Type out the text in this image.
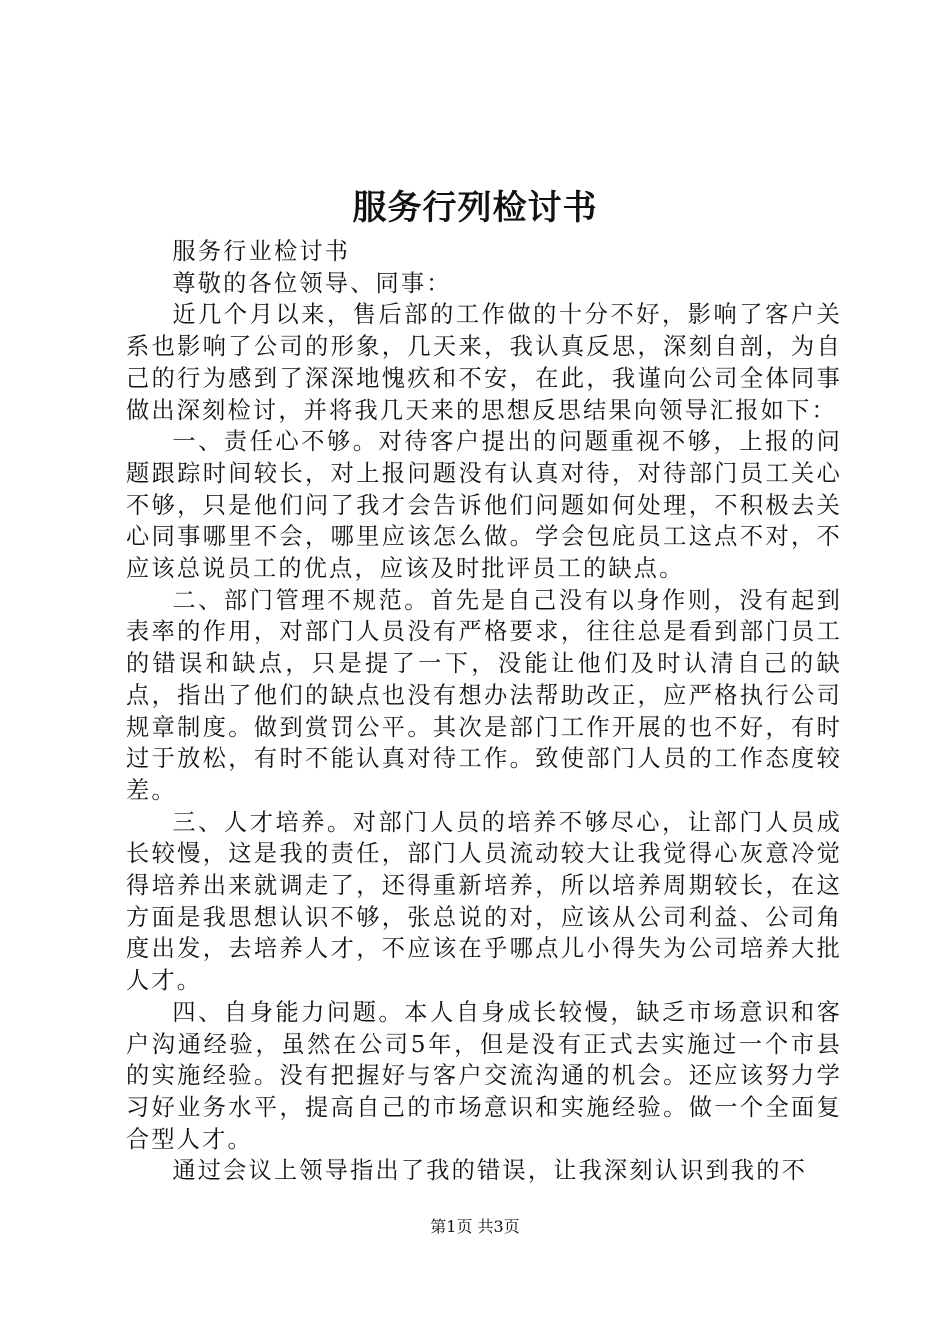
服务行列检讨书

服务行业检讨书

尊敬的各位领导、同事：

近几个月以来，售后部的工作做的十分不好，影响了客户关系也影响了公司的形象，几天来，我认真反思，深刻自剖，为自己的行为感到了深深地愧疚和不安，在此，我谨向公司全体同事做出深刻检讨，并将我几天来的思想反思结果向领导汇报如下：

一、责任心不够。对待客户提出的问题重视不够，上报的问题跟踪时间较长，对上报问题没有认真对待，对待部门员工关心不够，只是他们问了我才会告诉他们问题如何处理，不积极去关心同事哪里不会，哪里应该怎么做。学会包庇员工这点不对，不应该总说员工的优点，应该及时批评员工的缺点。

二、部门管理不规范。首先是自己没有以身作则，没有起到表率的作用，对部门人员没有严格要求，往往总是看到部门员工的错误和缺点，只是提了一下，没能让他们及时认清自己的缺点，指出了他们的缺点也没有想办法帮助改正，应严格执行公司规章制度。做到赏罚公平。其次是部门工作开展的也不好，有时过于放松，有时不能认真对待工作。致使部门人员的工作态度较差。

三、人才培养。对部门人员的培养不够尽心，让部门人员成长较慢，这是我的责任，部门人员流动较大让我觉得心灰意冷觉得培养出来就调走了，还得重新培养，所以培养周期较长，在这方面是我思想认识不够，张总说的对，应该从公司利益、公司角度出发，去培养人才，不应该在乎哪点儿小得失为公司培养大批人才。

四、自身能力问题。本人自身成长较慢，缺乏市场意识和客户沟通经验，虽然在公司5年，但是没有正式去实施过一个市县的实施经验。没有把握好与客户交流沟通的机会。还应该努力学习好业务水平，提高自己的市场意识和实施经验。做一个全面复合型人才。

通过会议上领导指出了我的错误，让我深刻认识到我的不

第1页 共3页
